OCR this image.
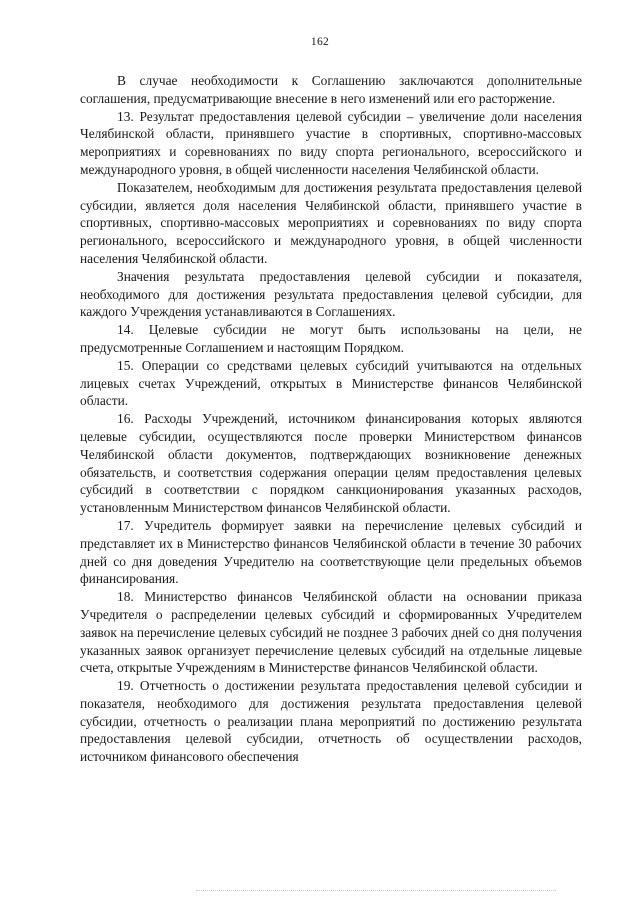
162

В случае необходимости к Соглашению заключаются дополнительные соглашения, предусматривающие внесение в него изменений или его расторжение.

13. Результат предоставления целевой субсидии – увеличение доли населения Челябинской области, принявшего участие в спортивных, спортивно-массовых мероприятиях и соревнованиях по виду спорта регионального, всероссийского и международного уровня, в общей численности населения Челябинской области.

Показателем, необходимым для достижения результата предоставления целевой субсидии, является доля населения Челябинской области, принявшего участие в спортивных, спортивно-массовых мероприятиях и соревнованиях по виду спорта регионального, всероссийского и международного уровня, в общей численности населения Челябинской области.

Значения результата предоставления целевой субсидии и показателя, необходимого для достижения результата предоставления целевой субсидии, для каждого Учреждения устанавливаются в Соглашениях.

14. Целевые субсидии не могут быть использованы на цели, не предусмотренные Соглашением и настоящим Порядком.

15. Операции со средствами целевых субсидий учитываются на отдельных лицевых счетах Учреждений, открытых в Министерстве финансов Челябинской области.

16. Расходы Учреждений, источником финансирования которых являются целевые субсидии, осуществляются после проверки Министерством финансов Челябинской области документов, подтверждающих возникновение денежных обязательств, и соответствия содержания операции целям предоставления целевых субсидий в соответствии с порядком санкционирования указанных расходов, установленным Министерством финансов Челябинской области.

17. Учредитель формирует заявки на перечисление целевых субсидий и представляет их в Министерство финансов Челябинской области в течение 30 рабочих дней со дня доведения Учредителю на соответствующие цели предельных объемов финансирования.

18. Министерство финансов Челябинской области на основании приказа Учредителя о распределении целевых субсидий и сформированных Учредителем заявок на перечисление целевых субсидий не позднее 3 рабочих дней со дня получения указанных заявок организует перечисление целевых субсидий на отдельные лицевые счета, открытые Учреждениям в Министерстве финансов Челябинской области.

19. Отчетность о достижении результата предоставления целевой субсидии и показателя, необходимого для достижения результата предоставления целевой субсидии, отчетность о реализации плана мероприятий по достижению результата предоставления целевой субсидии, отчетность об осуществлении расходов, источником финансового обеспечения
